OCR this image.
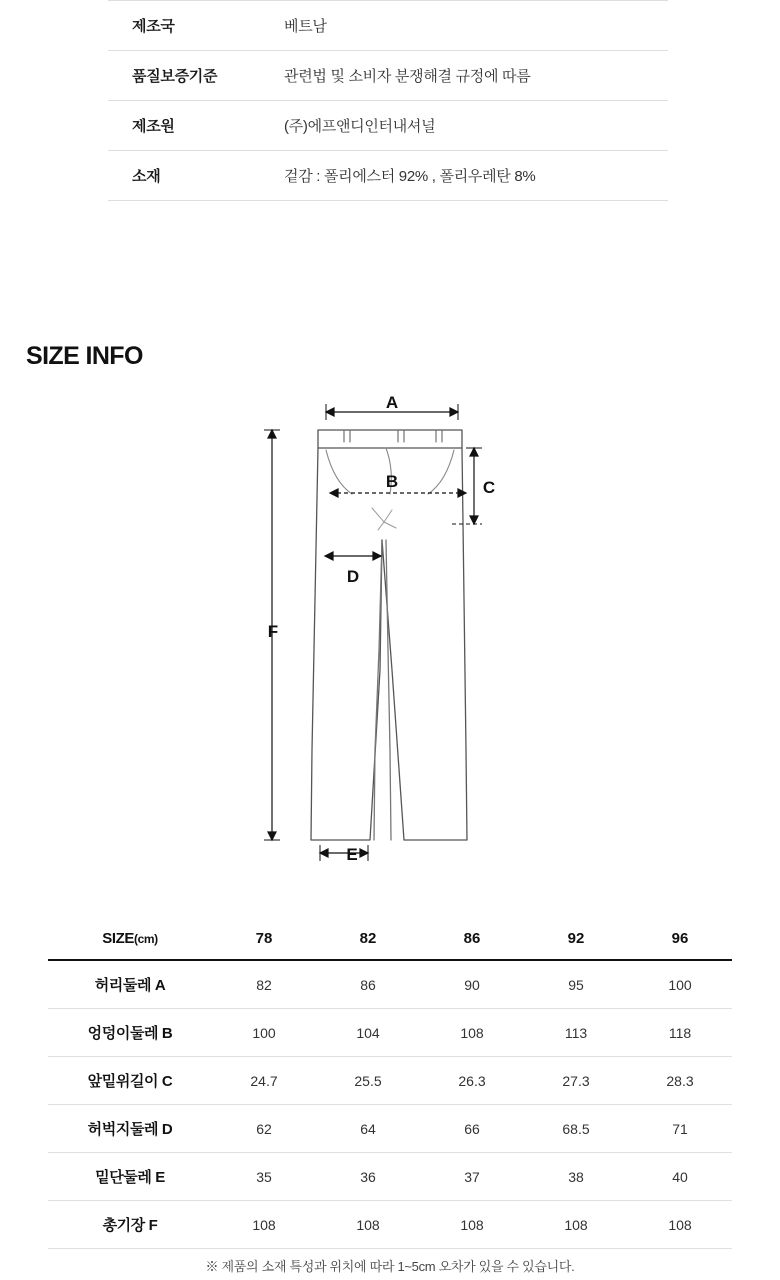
제조국	베트남
품질보증기준	관련법 및 소비자 분쟁해결 규정에 따름
제조원	(주)에프앤디인터내셔널
소재	겉감 : 폴리에스터 92% , 폴리우레탄 8%
SIZE INFO
A
B	C
D
E
F
SIZE(cm)	78	82	86	92	96
허리둘레 A	82	86	90	95	100
엉덩이둘레 B	100	104	108	113	118
앞밑위길이 C	24.7	25.5	26.3	27.3	28.3
허벅지둘레 D	62	64	66	68.5	71
밑단둘레 E	35	36	37	38	40
총기장 F	108	108	108	108	108
※ 제품의 소재 특성과 위치에 따라 1~5cm 오차가 있을 수 있습니다.
